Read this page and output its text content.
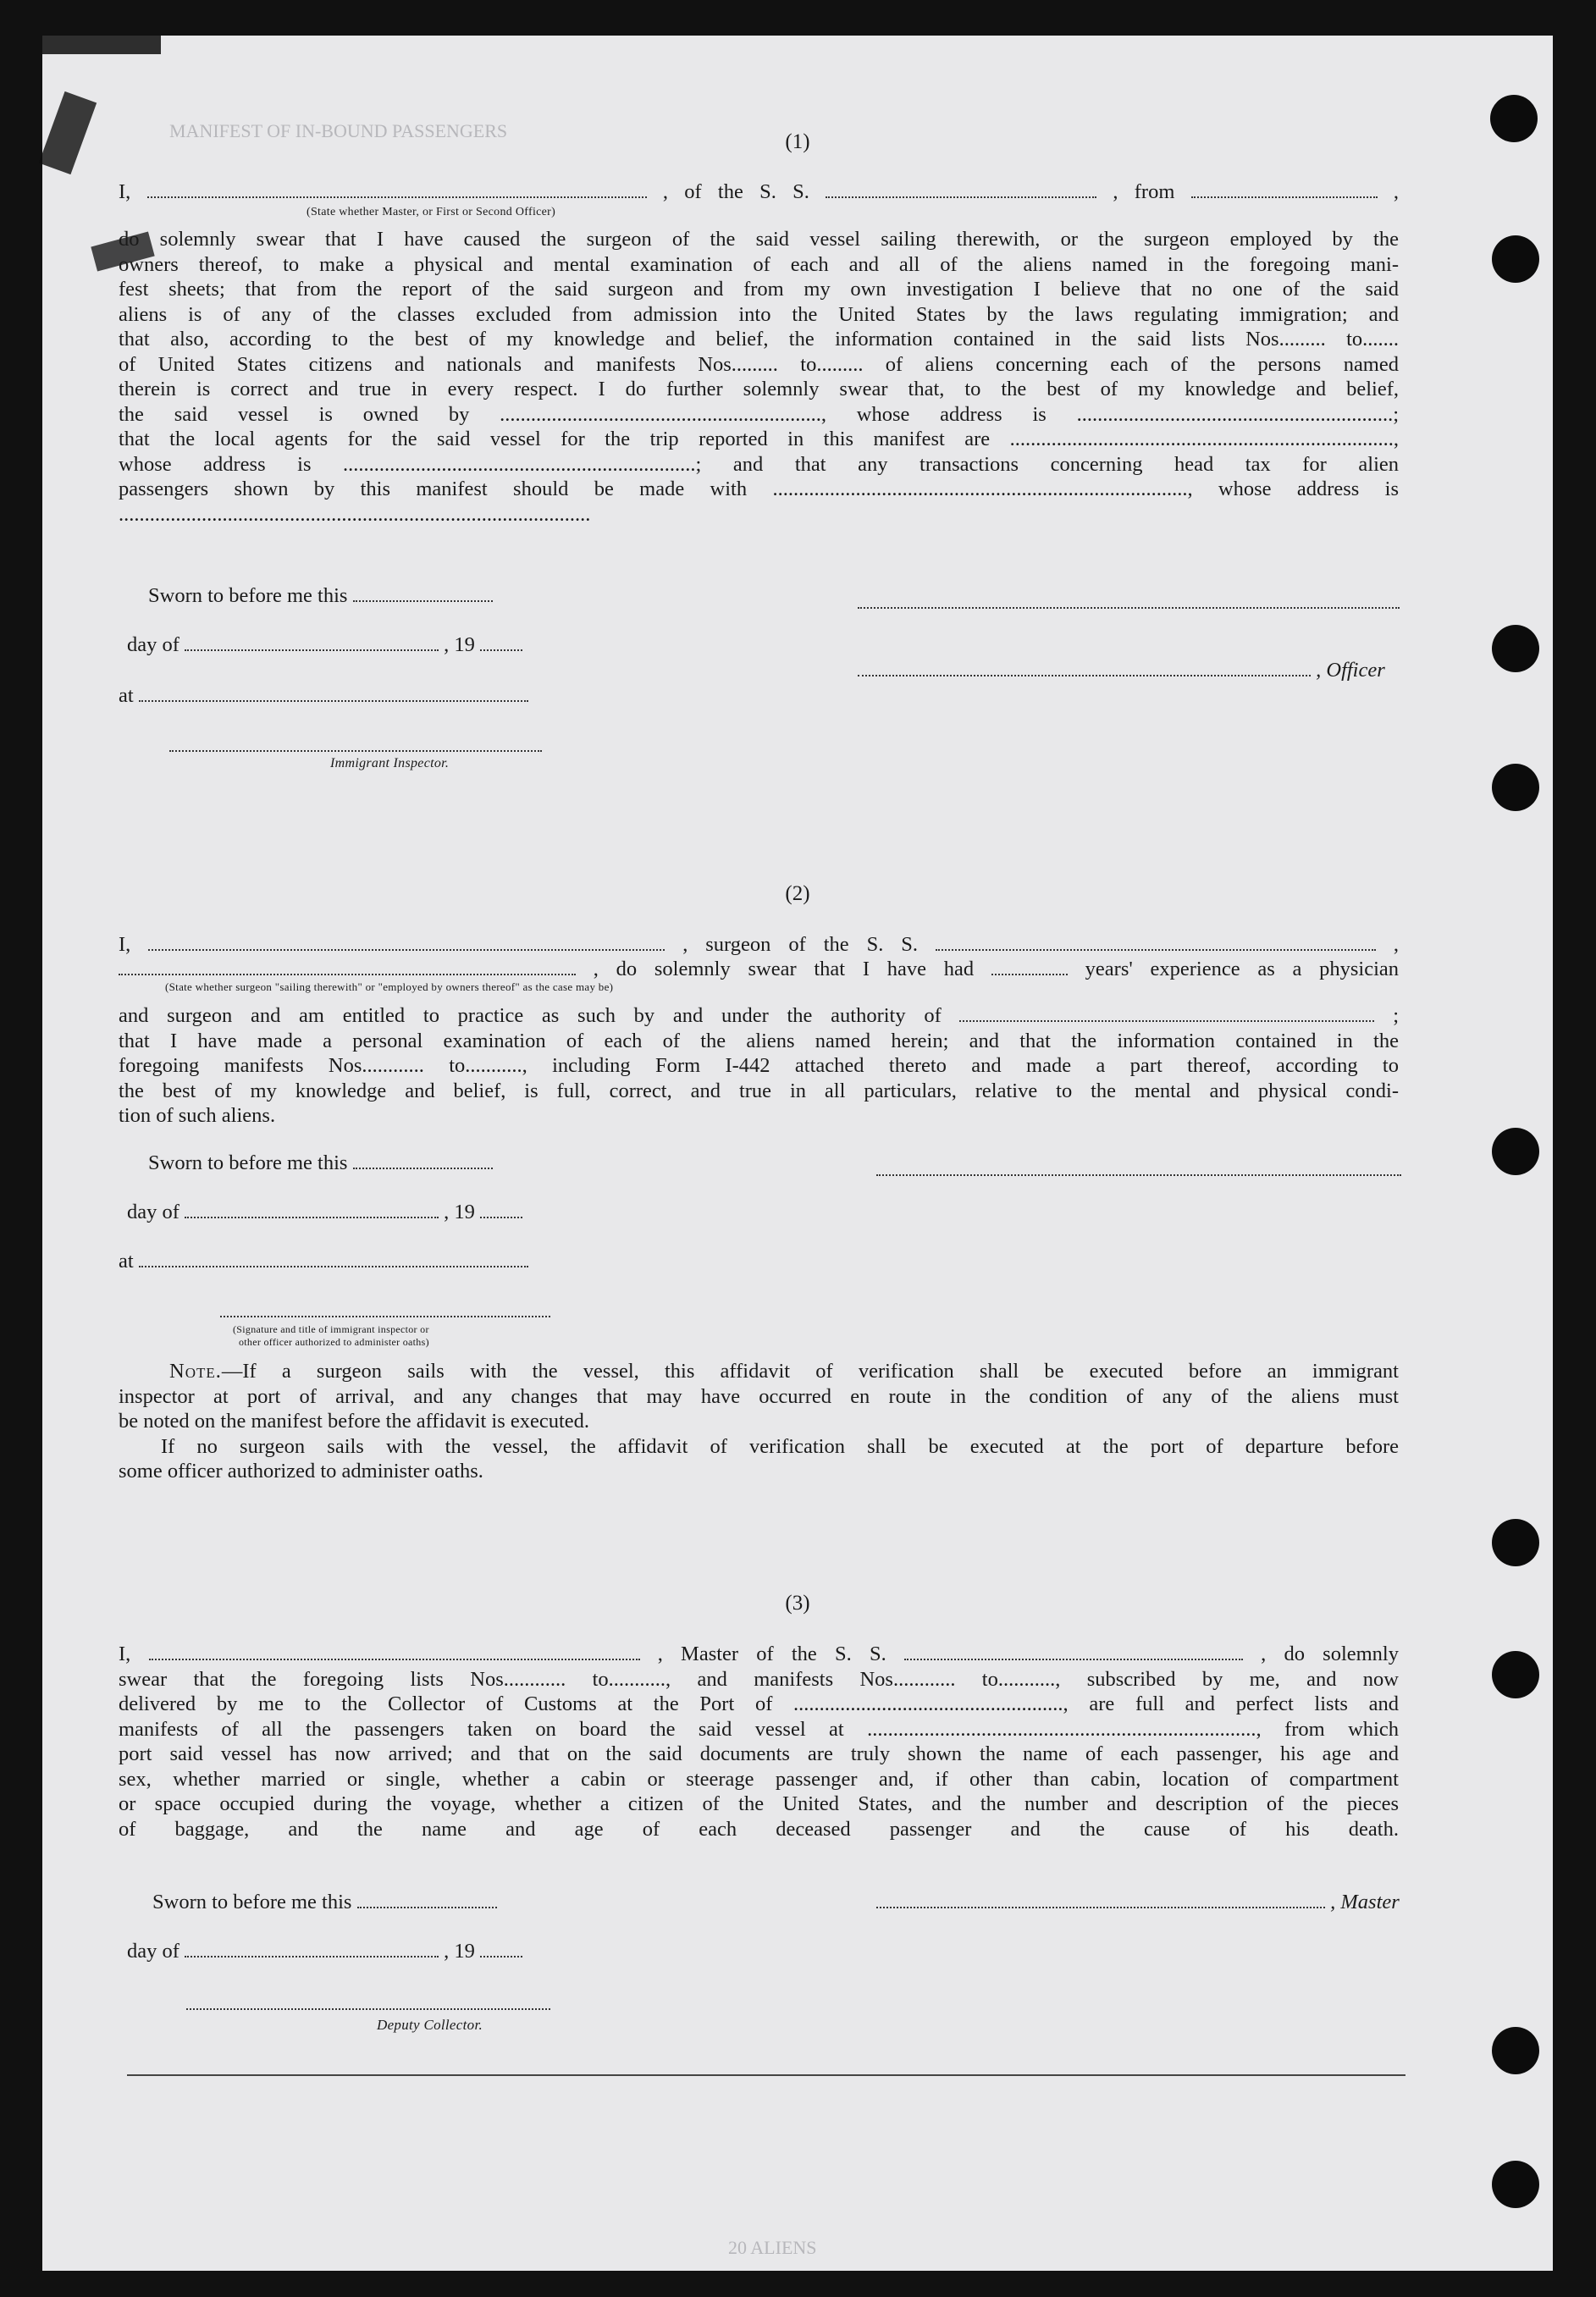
MANIFEST OF IN-BOUND PASSENGERS
20 ALIENS
(1)
I,	, of the S. S.	, from	,
(State whether Master, or First or Second Officer)
do solemnly swear that I have caused the surgeon of the said vessel sailing therewith, or the surgeon employed by the
owners thereof, to make a physical and mental examination of each and all of the aliens named in the foregoing mani-
fest sheets; that from the report of the said surgeon and from my own investigation I believe that no one of the said
aliens is of any of the classes excluded from admission into the United States by the laws regulating immigration; and
that also, according to the best of my knowledge and belief, the information contained in the said lists Nos......... to.......
of United States citizens and nationals and manifests Nos......... to......... of aliens concerning each of the persons named
therein is correct and true in every respect. I do further solemnly swear that, to the best of my knowledge and belief,
the said vessel is owned by .............................................................., whose address is .............................................................;
that the local agents for the said vessel for the trip reported in this manifest are ..........................................................................,
whose address is ....................................................................; and that any transactions concerning head tax for alien
passengers shown by this manifest should be made with ................................................................................, whose address is
...........................................................................................
Sworn to before me this
day of	, 19
, Officer
at
Immigrant Inspector.
(2)
I,	, surgeon of the S. S.	,
, do solemnly swear that I have had	years' experience as a physician
(State whether surgeon "sailing therewith" or "employed by owners thereof" as the case may be)
and surgeon and am entitled to practice as such by and under the authority of	;
that I have made a personal examination of each of the aliens named herein; and that the information contained in the
foregoing manifests Nos............ to..........., including Form I-442 attached thereto and made a part thereof, according to
the best of my knowledge and belief, is full, correct, and true in all particulars, relative to the mental and physical condi-
tion of such aliens.
Sworn to before me this
day of	, 19
at
(Signature and title of immigrant inspector or
other officer authorized to administer oaths)
Note.—If a surgeon sails with the vessel, this affidavit of verification shall be executed before an immigrant
inspector at port of arrival, and any changes that may have occurred en route in the condition of any of the aliens must
be noted on the manifest before the affidavit is executed.
If no surgeon sails with the vessel, the affidavit of verification shall be executed at the port of departure before
some officer authorized to administer oaths.
(3)
I,	, Master of the S. S.	, do solemnly
swear that the foregoing lists Nos............ to..........., and manifests Nos............ to..........., subscribed by me, and now
delivered by me to the Collector of Customs at the Port of ...................................................., are full and perfect lists and
manifests of all the passengers taken on board the said vessel at ..........................................................................., from which
port said vessel has now arrived; and that on the said documents are truly shown the name of each passenger, his age and
sex, whether married or single, whether a cabin or steerage passenger and, if other than cabin, location of compartment
or space occupied during the voyage, whether a citizen of the United States, and the number and description of the pieces
of baggage, and the name and age of each deceased passenger and the cause of his death.
Sworn to before me this	, Master
day of	, 19
Deputy Collector.
